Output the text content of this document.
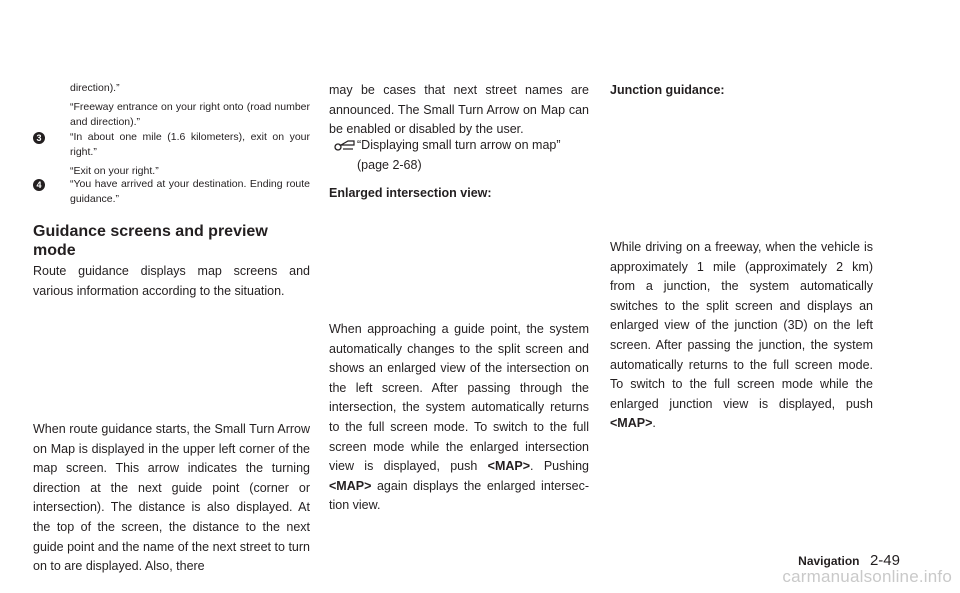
direction).”
“Freeway entrance on your right onto (road number and direction).”
3	“In about one mile (1.6 kilometers), exit on your right.”
“Exit on your right.”
4	“You have arrived at your destination. Ending route guidance.”
Guidance screens and preview mode
Route guidance displays map screens and various information according to the situation.
When route guidance starts, the Small Turn Arrow on Map is displayed in the upper left corner of the map screen. This arrow indicates the turning direction at the next guide point (corner or intersection). The distance is also displayed. At the top of the screen, the distance to the next guide point and the name of the next street to turn on to are displayed. Also, there
may be cases that next street names are announced. The Small Turn Arrow on Map can be enabled or disabled by the user.
“Displaying small turn arrow on map”
(page 2-68)
Enlarged intersection view:
When approaching a guide point, the system automatically changes to the split screen and shows an enlarged view of the intersection on the left screen. After passing through the intersection, the system automatically returns to the full screen mode. To switch to the full screen mode while the enlarged intersection view is displayed, push <MAP>. Pushing <MAP> again displays the enlarged intersec-tion view.
Junction guidance:
While driving on a freeway, when the vehicle is approximately 1 mile (approximately 2 km) from a junction, the system automatically switches to the split screen and displays an enlarged view of the junction (3D) on the left screen. After passing the junction, the system automatically returns to the full screen mode. To switch to the full screen mode while the enlarged junction view is displayed, push <MAP>.
Navigation 2-49
carmanualsonline.info
